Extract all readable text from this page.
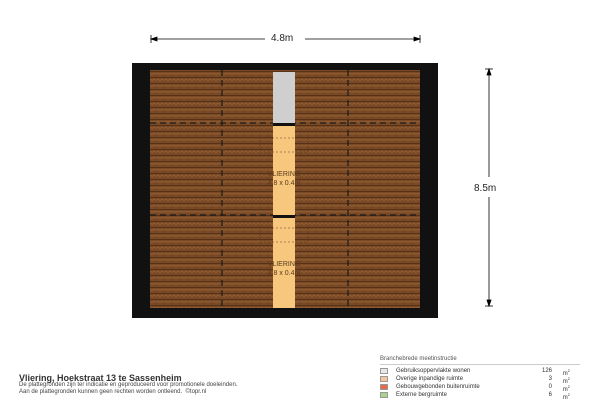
4.8m
8.5m
VLIERING
4.8 x 0.4m
VLIERING
4.8 x 0.4m
Vliering, Hoekstraat 13 te Sassenheim
De plattegronden zijn ter indicatie en geproduceerd voor promotionele doeleinden.
Aan de plattegronden kunnen geen rechten worden ontleend. ©topr.nl
Branchebrede meetinstructie
Gebruiksoppervlakte wonen	126 $m^2$
Overige inpandige ruimte	3 $m^2$
Gebouwgebonden buitenruimte	0 $m^2$
Externe bergruimte	6 $m^2$
